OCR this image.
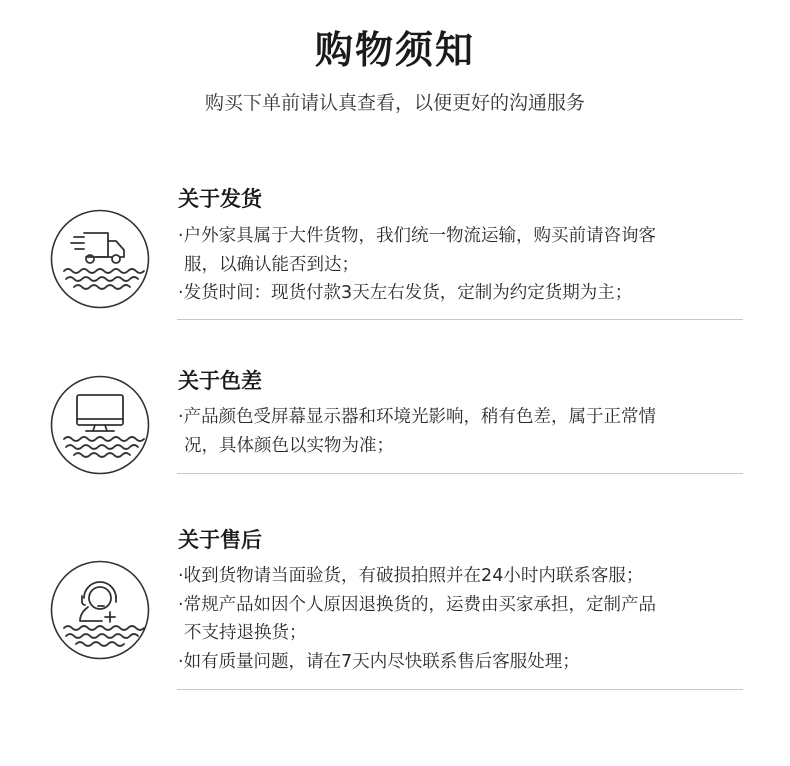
购物须知
购买下单前请认真查看，以便更好的沟通服务
关于发货
·户外家具属于大件货物，我们统一物流运输，购买前请咨询客
服，以确认能否到达；
·发货时间：现货付款3天左右发货，定制为约定货期为主；
关于色差
·产品颜色受屏幕显示器和环境光影响，稍有色差，属于正常情
况，具体颜色以实物为准；
关于售后
·收到货物请当面验货，有破损拍照并在24小时内联系客服；
·常规产品如因个人原因退换货的，运费由买家承担，定制产品
不支持退换货；
·如有质量问题，请在7天内尽快联系售后客服处理；
